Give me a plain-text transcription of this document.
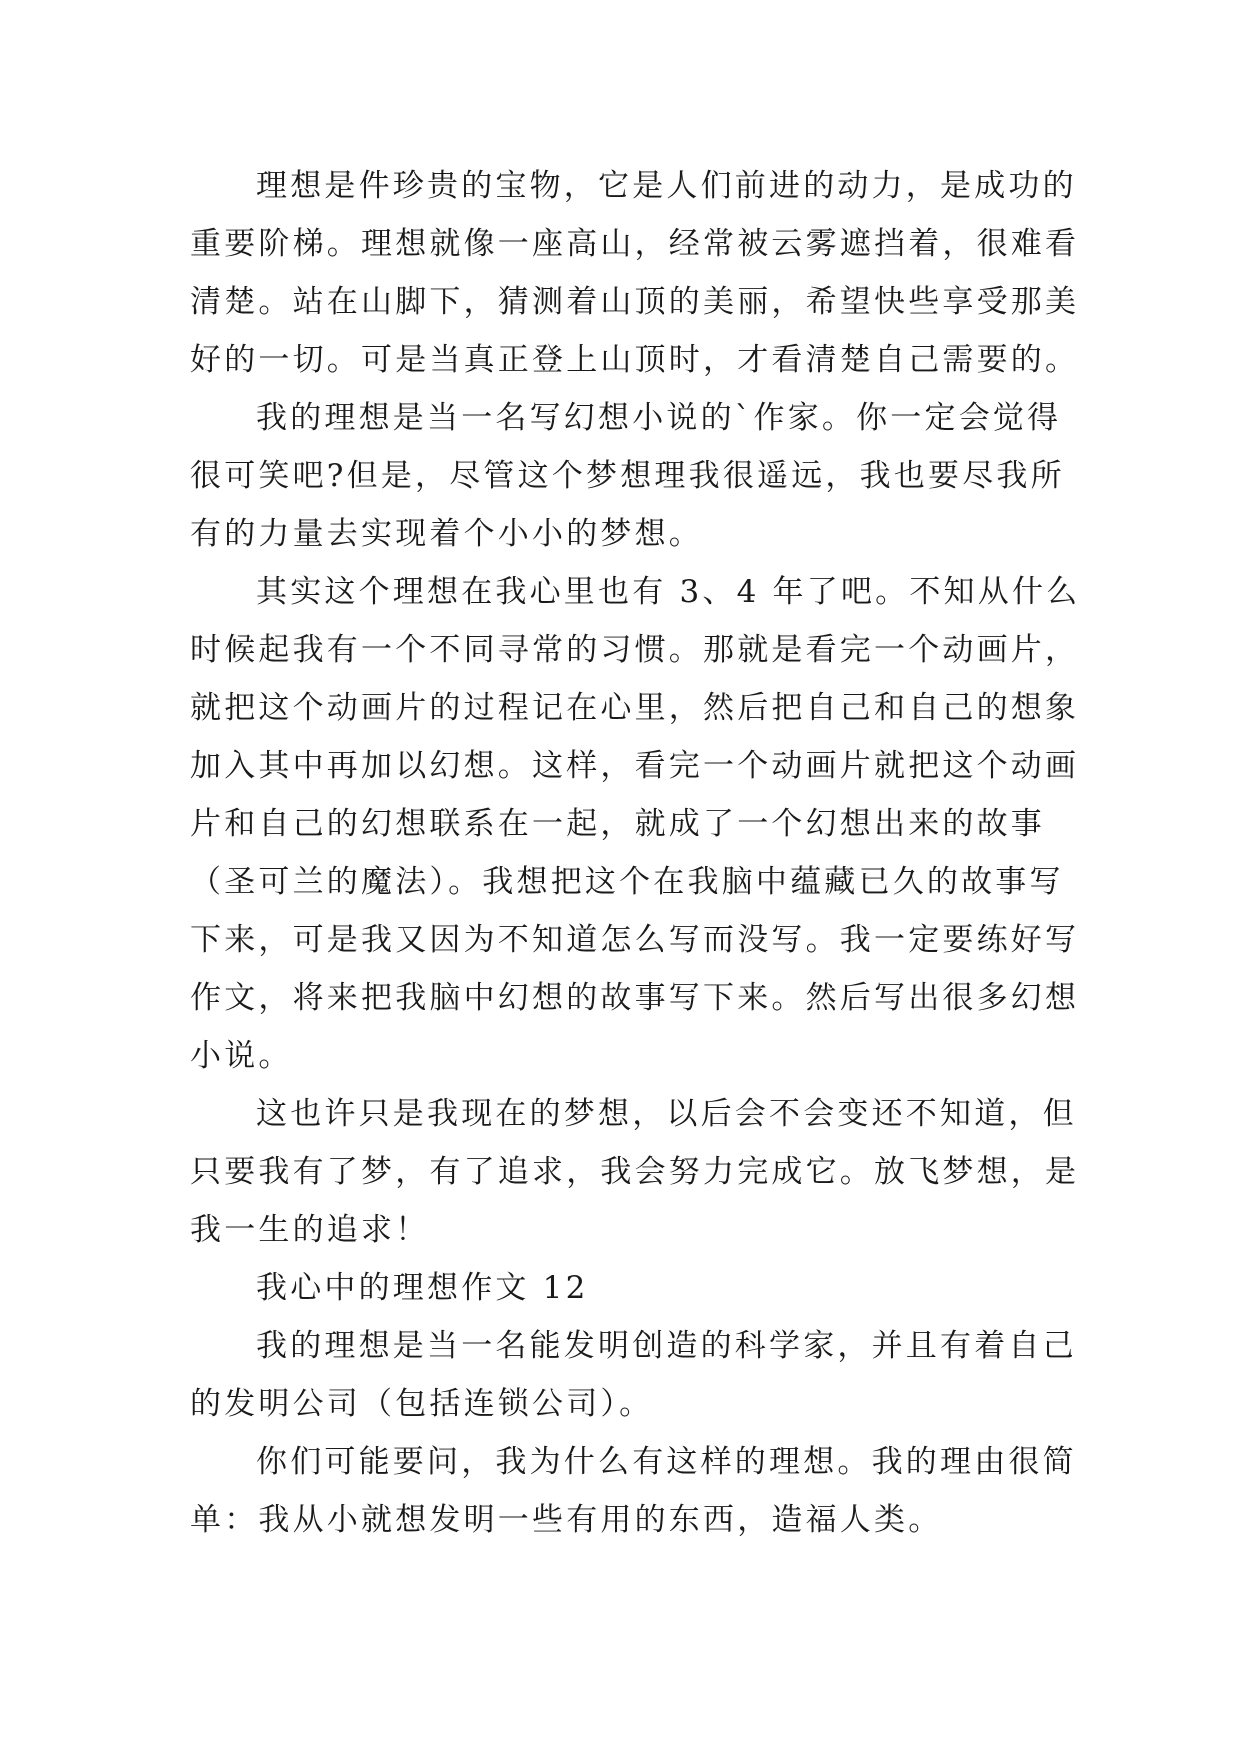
理想是件珍贵的宝物，它是人们前进的动力，是成功的
重要阶梯。理想就像一座高山，经常被云雾遮挡着，很难看
清楚。站在山脚下，猜测着山顶的美丽，希望快些享受那美
好的一切。可是当真正登上山顶时，才看清楚自己需要的。
我的理想是当一名写幻想小说的`作家。你一定会觉得
很可笑吧?但是，尽管这个梦想理我很遥远，我也要尽我所
有的力量去实现着个小小的梦想。
其实这个理想在我心里也有 3、4 年了吧。不知从什么
时候起我有一个不同寻常的习惯。那就是看完一个动画片，
就把这个动画片的过程记在心里，然后把自己和自己的想象
加入其中再加以幻想。这样，看完一个动画片就把这个动画
片和自己的幻想联系在一起，就成了一个幻想出来的故事
（圣可兰的魔法）。我想把这个在我脑中蕴藏已久的故事写
下来，可是我又因为不知道怎么写而没写。我一定要练好写
作文，将来把我脑中幻想的故事写下来。然后写出很多幻想
小说。
这也许只是我现在的梦想，以后会不会变还不知道，但
只要我有了梦，有了追求，我会努力完成它。放飞梦想，是
我一生的追求！
我心中的理想作文 12
我的理想是当一名能发明创造的科学家，并且有着自己
的发明公司（包括连锁公司）。
你们可能要问，我为什么有这样的理想。我的理由很简
单：我从小就想发明一些有用的东西，造福人类。
